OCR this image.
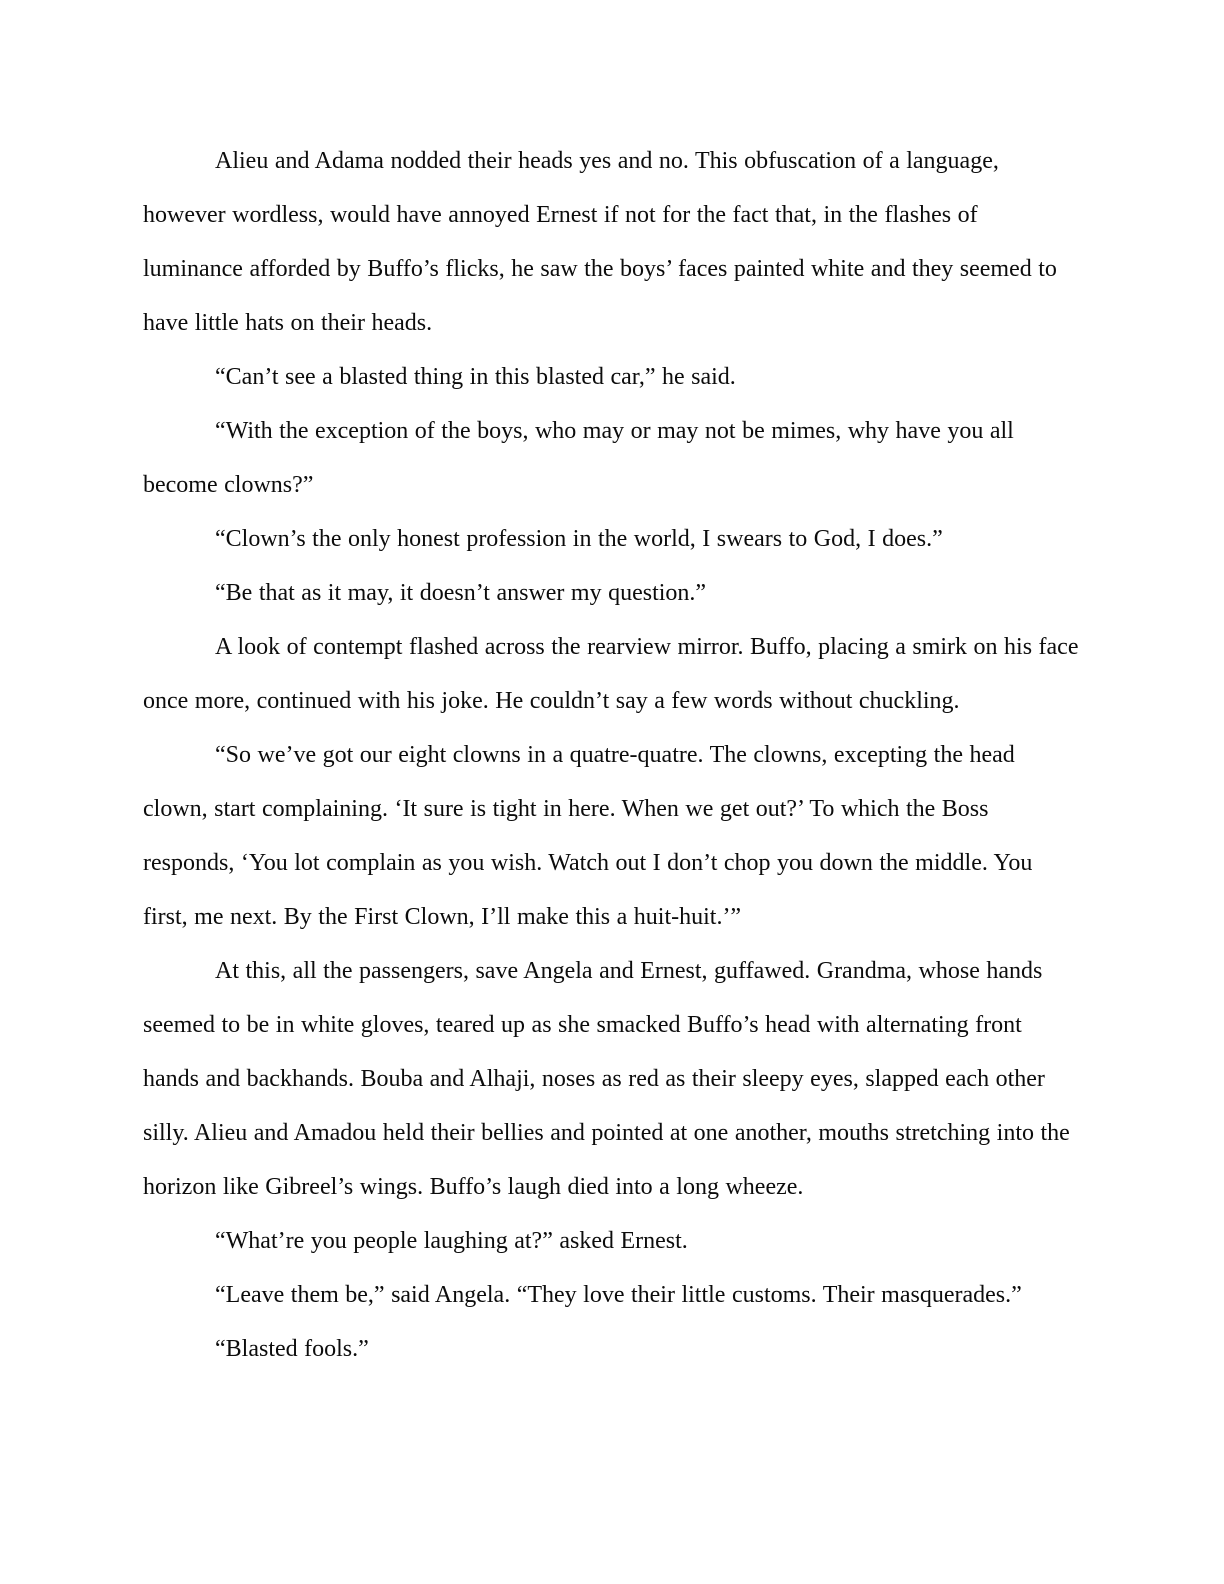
Alieu and Adama nodded their heads yes and no. This obfuscation of a language, however wordless, would have annoyed Ernest if not for the fact that, in the flashes of luminance afforded by Buffo’s flicks, he saw the boys’ faces painted white and they seemed to have little hats on their heads.

“Can’t see a blasted thing in this blasted car,” he said.

“With the exception of the boys, who may or may not be mimes, why have you all become clowns?”

“Clown’s the only honest profession in the world, I swears to God, I does.”

“Be that as it may, it doesn’t answer my question.”

A look of contempt flashed across the rearview mirror. Buffo, placing a smirk on his face once more, continued with his joke. He couldn’t say a few words without chuckling.

“So we’ve got our eight clowns in a quatre-quatre. The clowns, excepting the head clown, start complaining. ‘It sure is tight in here. When we get out?’ To which the Boss responds, ‘You lot complain as you wish. Watch out I don’t chop you down the middle. You first, me next. By the First Clown, I’ll make this a huit-huit.’”

At this, all the passengers, save Angela and Ernest, guffawed. Grandma, whose hands seemed to be in white gloves, teared up as she smacked Buffo’s head with alternating front hands and backhands. Bouba and Alhaji, noses as red as their sleepy eyes, slapped each other silly. Alieu and Amadou held their bellies and pointed at one another, mouths stretching into the horizon like Gibreel’s wings. Buffo’s laugh died into a long wheeze.

“What’re you people laughing at?” asked Ernest.

“Leave them be,” said Angela. “They love their little customs. Their masquerades.”

“Blasted fools.”
